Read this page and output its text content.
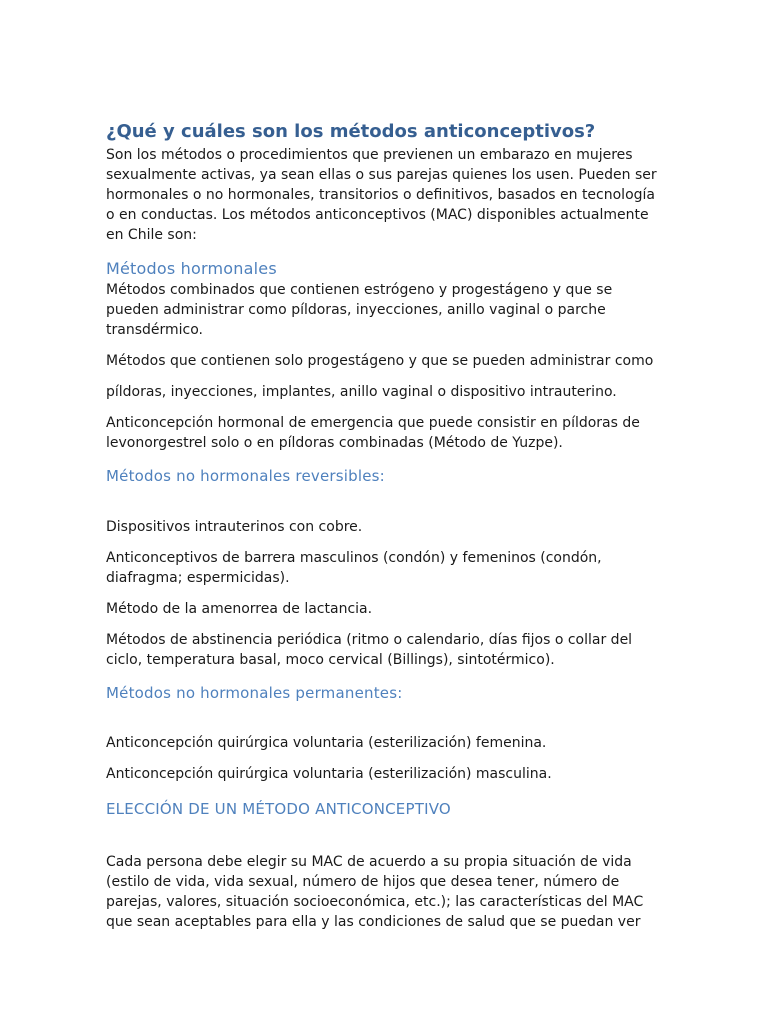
¿Qué y cuáles son los métodos anticonceptivos?

Son los métodos o procedimientos que previenen un embarazo en mujeres sexualmente activas, ya sean ellas o sus parejas quienes los usen. Pueden ser hormonales o no hormonales, transitorios o definitivos, basados en tecnología o en conductas. Los métodos anticonceptivos (MAC) disponibles actualmente en Chile son:

Métodos hormonales

Métodos combinados que contienen estrógeno y progestágeno y que se pueden administrar como píldoras, inyecciones, anillo vaginal o parche transdérmico.

Métodos que contienen solo progestágeno y que se pueden administrar como

píldoras, inyecciones, implantes, anillo vaginal o dispositivo intrauterino.

Anticoncepción hormonal de emergencia que puede consistir en píldoras de levonorgestrel solo o en píldoras combinadas (Método de Yuzpe).

Métodos no hormonales reversibles:

Dispositivos intrauterinos con cobre.

Anticonceptivos de barrera masculinos (condón) y femeninos (condón, diafragma; espermicidas).

Método de la amenorrea de lactancia.

Métodos de abstinencia periódica (ritmo o calendario, días fijos o collar del ciclo, temperatura basal, moco cervical (Billings), sintotérmico).

Métodos no hormonales permanentes:

Anticoncepción quirúrgica voluntaria (esterilización) femenina.

Anticoncepción quirúrgica voluntaria (esterilización) masculina.

ELECCIÓN DE UN MÉTODO ANTICONCEPTIVO

Cada persona debe elegir su MAC de acuerdo a su propia situación de vida (estilo de vida, vida sexual, número de hijos que desea tener, número de parejas, valores, situación socioeconómica, etc.); las características del MAC que sean aceptables para ella y las condiciones de salud que se puedan ver
